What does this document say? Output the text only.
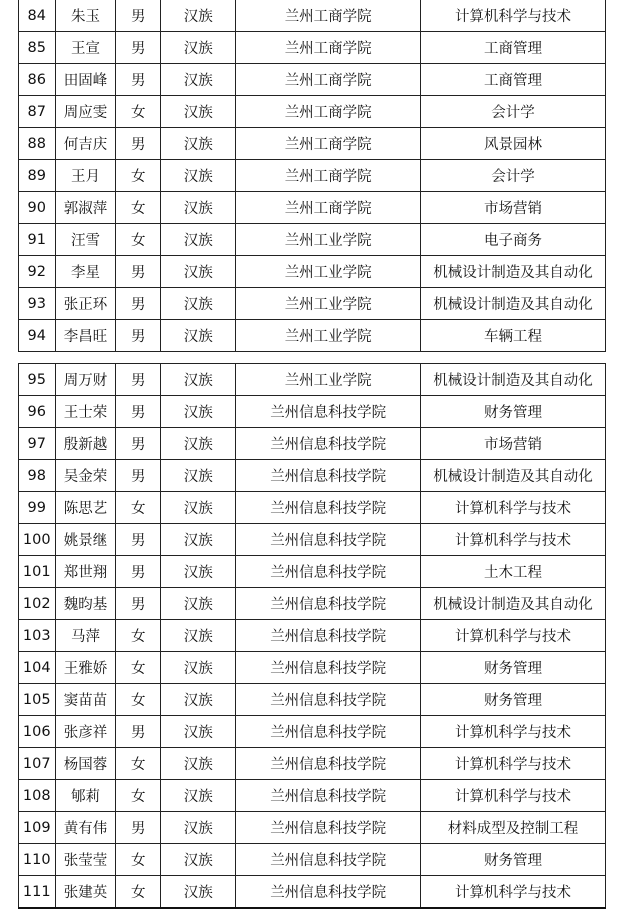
84	朱玉	男	汉族	兰州工商学院	计算机科学与技术
85	王宣	男	汉族	兰州工商学院	工商管理
86	田固峰	男	汉族	兰州工商学院	工商管理
87	周应雯	女	汉族	兰州工商学院	会计学
88	何吉庆	男	汉族	兰州工商学院	风景园林
89	王月	女	汉族	兰州工商学院	会计学
90	郭淑萍	女	汉族	兰州工商学院	市场营销
91	汪雪	女	汉族	兰州工业学院	电子商务
92	李星	男	汉族	兰州工业学院	机械设计制造及其自动化
93	张正环	男	汉族	兰州工业学院	机械设计制造及其自动化
94	李昌旺	男	汉族	兰州工业学院	车辆工程
95	周万财	男	汉族	兰州工业学院	机械设计制造及其自动化
96	王士荣	男	汉族	兰州信息科技学院	财务管理
97	殷新越	男	汉族	兰州信息科技学院	市场营销
98	吴金荣	男	汉族	兰州信息科技学院	机械设计制造及其自动化
99	陈思艺	女	汉族	兰州信息科技学院	计算机科学与技术
100	姚景继	男	汉族	兰州信息科技学院	计算机科学与技术
101	郑世翔	男	汉族	兰州信息科技学院	土木工程
102	魏昀基	男	汉族	兰州信息科技学院	机械设计制造及其自动化
103	马萍	女	汉族	兰州信息科技学院	计算机科学与技术
104	王雅娇	女	汉族	兰州信息科技学院	财务管理
105	窦苗苗	女	汉族	兰州信息科技学院	财务管理
106	张彦祥	男	汉族	兰州信息科技学院	计算机科学与技术
107	杨国蓉	女	汉族	兰州信息科技学院	计算机科学与技术
108	郇莉	女	汉族	兰州信息科技学院	计算机科学与技术
109	黄有伟	男	汉族	兰州信息科技学院	材料成型及控制工程
110	张莹莹	女	汉族	兰州信息科技学院	财务管理
111	张建英	女	汉族	兰州信息科技学院	计算机科学与技术
